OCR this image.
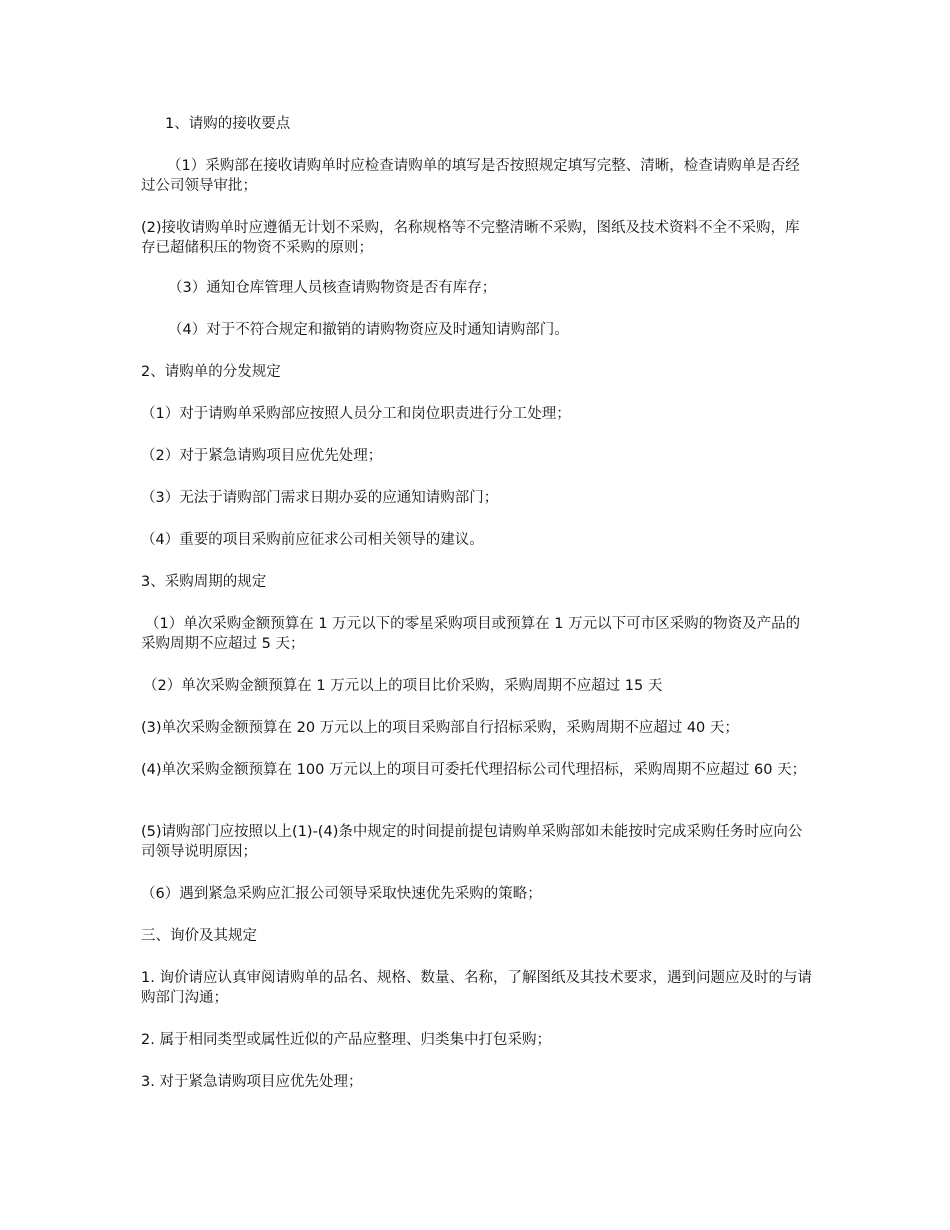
1、请购的接收要点

（1）采购部在接收请购单时应检查请购单的填写是否按照规定填写完整、清晰，检查请购单是否经过公司领导审批；

(2)接收请购单时应遵循无计划不采购，名称规格等不完整清晰不采购，图纸及技术资料不全不采购，库存已超储积压的物资不采购的原则；

（3）通知仓库管理人员核查请购物资是否有库存；

（4）对于不符合规定和撤销的请购物资应及时通知请购部门。

2、请购单的分发规定

（1）对于请购单采购部应按照人员分工和岗位职责进行分工处理；

（2）对于紧急请购项目应优先处理；

（3）无法于请购部门需求日期办妥的应通知请购部门；

（4）重要的项目采购前应征求公司相关领导的建议。

3、采购周期的规定

（1）单次采购金额预算在 1 万元以下的零星采购项目或预算在 1 万元以下可市区采购的物资及产品的采购周期不应超过 5 天；

（2）单次采购金额预算在 1 万元以上的项目比价采购，采购周期不应超过 15 天

(3)单次采购金额预算在 20 万元以上的项目采购部自行招标采购，采购周期不应超过 40 天；

(4)单次采购金额预算在 100 万元以上的项目可委托代理招标公司代理招标，采购周期不应超过 60 天；

(5)请购部门应按照以上(1)-(4)条中规定的时间提前提包请购单采购部如未能按时完成采购任务时应向公司领导说明原因；

（6）遇到紧急采购应汇报公司领导采取快速优先采购的策略；

三、询价及其规定

1. 询价请应认真审阅请购单的品名、规格、数量、名称，了解图纸及其技术要求，遇到问题应及时的与请购部门沟通；

2. 属于相同类型或属性近似的产品应整理、归类集中打包采购；

3. 对于紧急请购项目应优先处理；
